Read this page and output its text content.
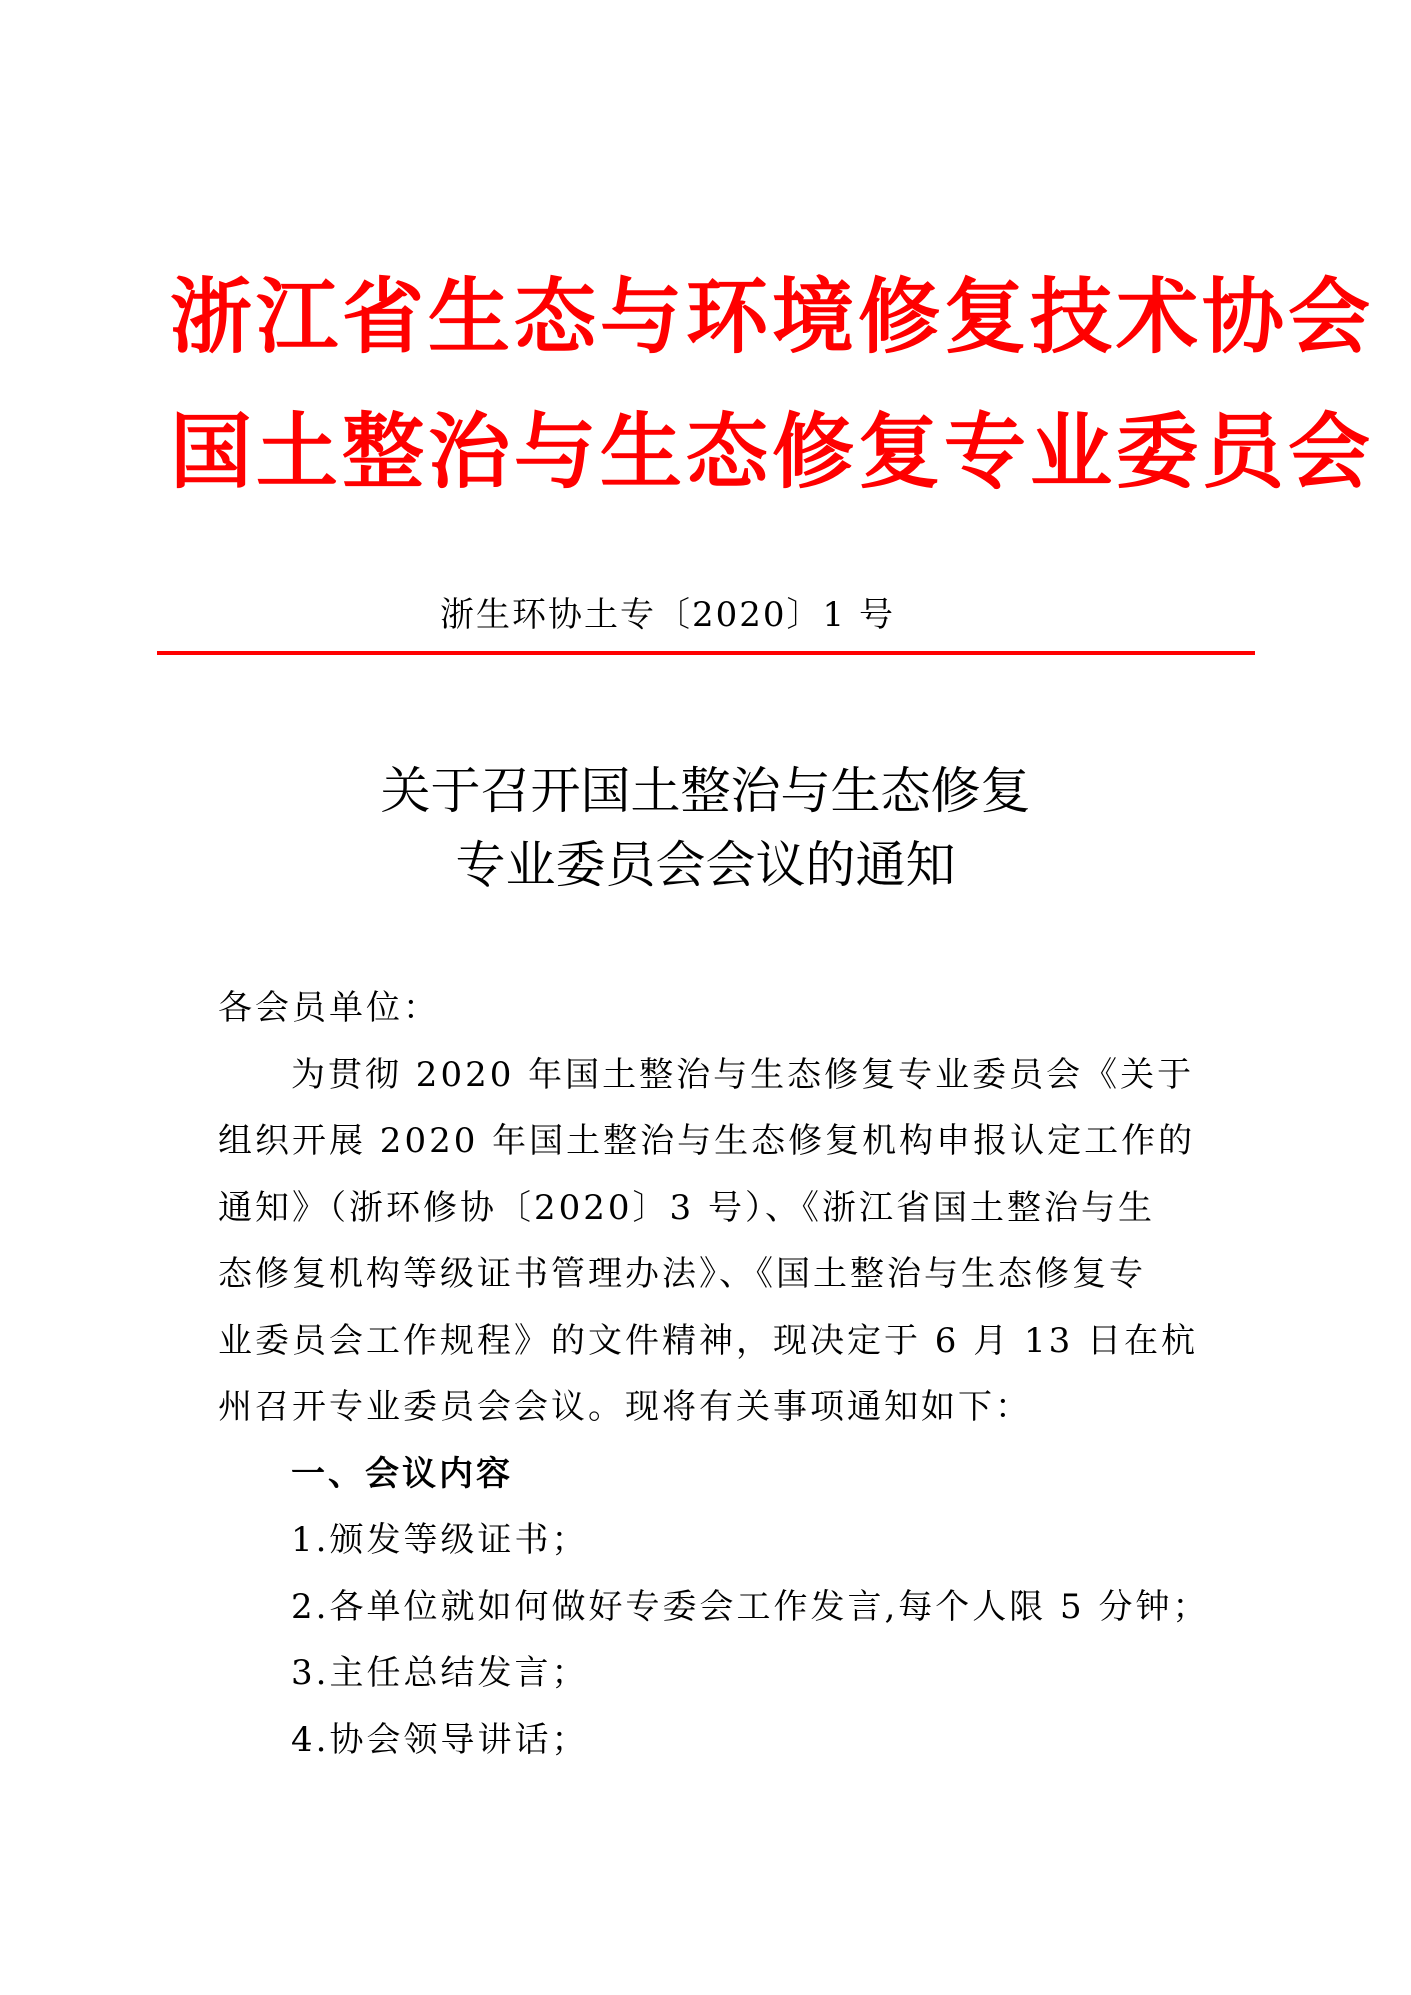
浙江省生态与环境修复技术协会

国土整治与生态修复专业委员会

浙生环协土专〔2020〕1 号

关于召开国土整治与生态修复

专业委员会会议的通知

各会员单位：

为贯彻 2020 年国土整治与生态修复专业委员会《关于

组织开展 2020 年国土整治与生态修复机构申报认定工作的

通知》（浙环修协〔2020〕3 号）、《浙江省国土整治与生

态修复机构等级证书管理办法》、《国土整治与生态修复专

业委员会工作规程》的文件精神，现决定于 6 月 13 日在杭

州召开专业委员会会议。现将有关事项通知如下：

一、会议内容

1.颁发等级证书；

2.各单位就如何做好专委会工作发言,每个人限 5 分钟；

3.主任总结发言；

4.协会领导讲话；
